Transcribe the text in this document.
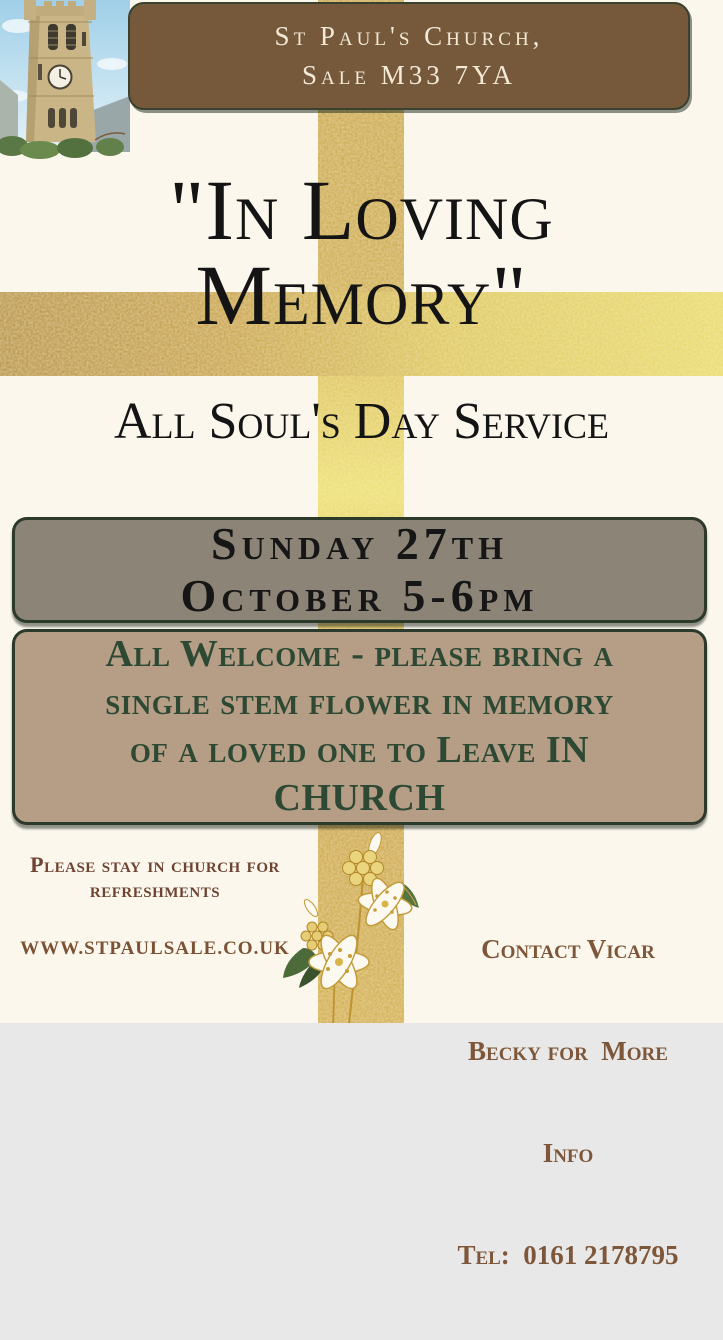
St Paul's Church,
Sale M33 7YA
"In Loving
Memory"
All Soul's Day Service
Sunday 27th
October 5-6pm
All Welcome - please bring a
single stem flower in memory
of a loved one to Leave IN
CHURCH
Please stay in church for
refreshments
WWW.STPAULSALE.CO.UK

	Contact Vicar

Becky for  More

Info

Tel:  0161 2178795
